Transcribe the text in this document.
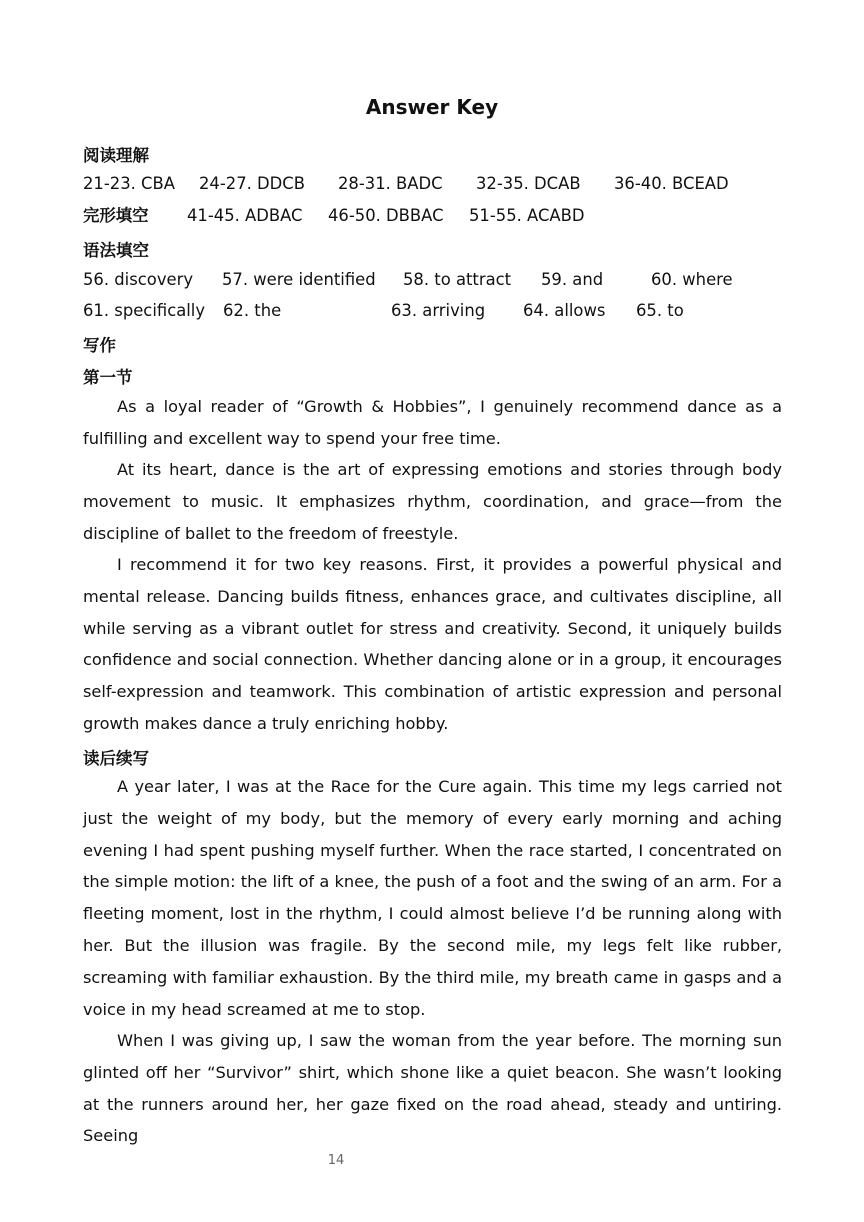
Answer Key
阅读理解
21-23. CBA 24-27. DDCB 28-31. BADC 32-35. DCAB 36-40. BCEAD
完形填空 41-45. ADBAC 46-50. DBBAC 51-55. ACABD
语法填空
56. discovery 57. were identified 58. to attract 59. and	60. where
61. specifically 62. the	63. arriving 64. allows 65. to
写作
第一节

As a loyal reader of “Growth & Hobbies”, I genuinely recommend dance as a fulfilling and excellent way to spend your free time.

At its heart, dance is the art of expressing emotions and stories through body movement to music. It emphasizes rhythm, coordination, and grace—from the discipline of ballet to the freedom of freestyle.

I recommend it for two key reasons. First, it provides a powerful physical and mental release. Dancing builds fitness, enhances grace, and cultivates discipline, all while serving as a vibrant outlet for stress and creativity. Second, it uniquely builds confidence and social connection. Whether dancing alone or in a group, it encourages self-expression and teamwork. This combination of artistic expression and personal growth makes dance a truly enriching hobby.

读后续写

A year later, I was at the Race for the Cure again. This time my legs carried not just the weight of my body, but the memory of every early morning and aching evening I had spent pushing myself further. When the race started, I concentrated on the simple motion: the lift of a knee, the push of a foot and the swing of an arm. For a fleeting moment, lost in the rhythm, I could almost believe I’d be running along with her. But the illusion was fragile. By the second mile, my legs felt like rubber, screaming with familiar exhaustion. By the third mile, my breath came in gasps and a voice in my head screamed at me to stop.

When I was giving up, I saw the woman from the year before. The morning sun glinted off her “Survivor” shirt, which shone like a quiet beacon. She wasn’t looking at the runners around her, her gaze fixed on the road ahead, steady and untiring. Seeing

14
